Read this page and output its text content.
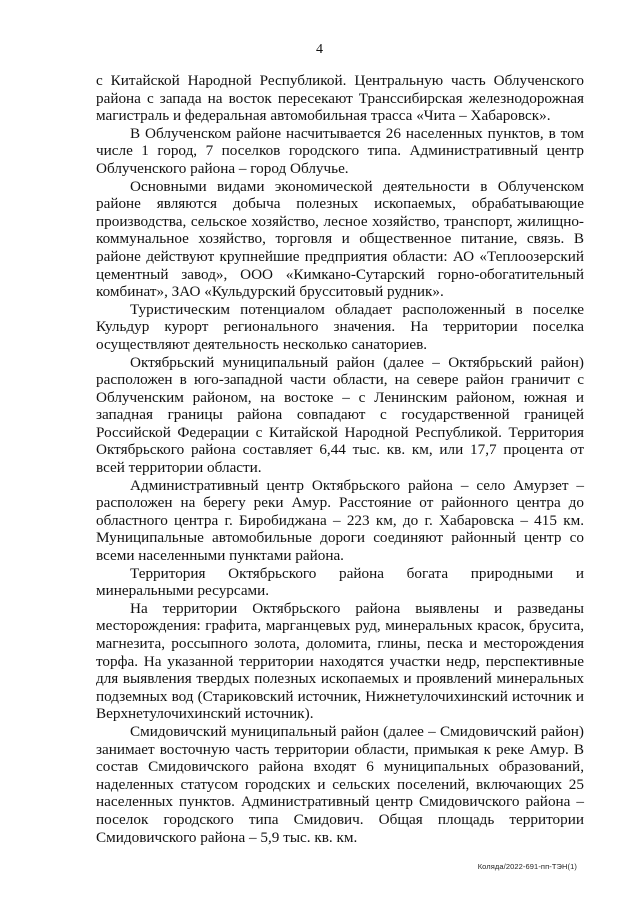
4

с Китайской Народной Республикой. Центральную часть Облученского района с запада на восток пересекают Транссибирская железнодорожная магистраль и федеральная автомобильная трасса «Чита – Хабаровск».

В Облученском районе насчитывается 26 населенных пунктов, в том числе 1 город, 7 поселков городского типа. Административный центр Облученского района – город Облучье.

Основными видами экономической деятельности в Облученском районе являются добыча полезных ископаемых, обрабатывающие производства, сельское хозяйство, лесное хозяйство, транспорт, жилищно-коммунальное хозяйство, торговля и общественное питание, связь. В районе действуют крупнейшие предприятия области: АО «Теплоозерский цементный завод», ООО «Кимкано-Сутарский горно-обогатительный комбинат», ЗАО «Кульдурский брусситовый рудник».

Туристическим потенциалом обладает расположенный в поселке Кульдур курорт регионального значения. На территории поселка осуществляют деятельность несколько санаториев.

Октябрьский муниципальный район (далее – Октябрьский район) расположен в юго-западной части области, на севере район граничит с Облученским районом, на востоке – с Ленинским районом, южная и западная границы района совпадают с государственной границей Российской Федерации с Китайской Народной Республикой. Территория Октябрьского района составляет 6,44 тыс. кв. км, или 17,7 процента от всей территории области.

Административный центр Октябрьского района – село Амурзет – расположен на берегу реки Амур. Расстояние от районного центра до областного центра г. Биробиджана – 223 км, до г. Хабаровска – 415 км. Муниципальные автомобильные дороги соединяют районный центр со всеми населенными пунктами района.

Территория Октябрьского района богата природными и минеральными ресурсами.

На территории Октябрьского района выявлены и разведаны месторождения: графита, марганцевых руд, минеральных красок, брусита, магнезита, россыпного золота, доломита, глины, песка и месторождения торфа. На указанной территории находятся участки недр, перспективные для выявления твердых полезных ископаемых и проявлений минеральных подземных вод (Стариковский источник, Нижнетулочихинский источник и Верхнетулочихинский источник).

Смидовичский муниципальный район (далее – Смидовичский район) занимает восточную часть территории области, примыкая к реке Амур. В состав Смидовичского района входят 6 муниципальных образований, наделенных статусом городских и сельских поселений, включающих 25 населенных пунктов. Административный центр Смидовичского района – поселок городского типа Смидович. Общая площадь территории Смидовичского района – 5,9 тыс. кв. км.

Коляда/2022-691-пп-ТЭН(1)
